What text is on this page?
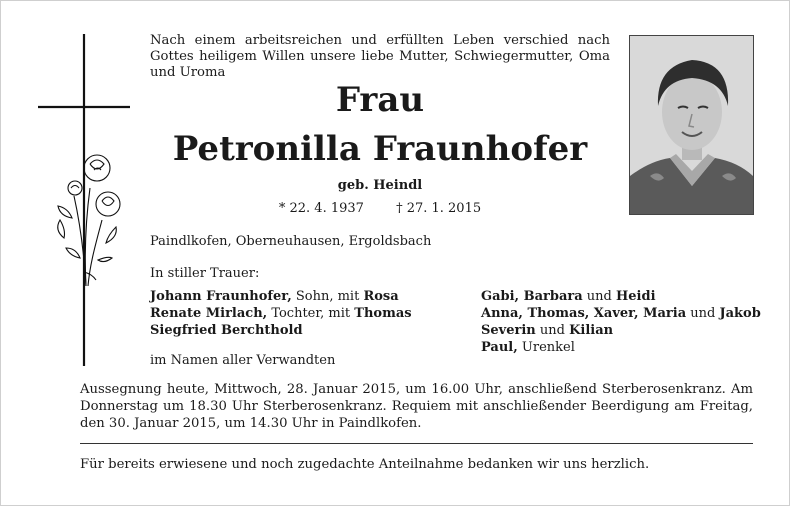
Nach einem arbeitsreichen und erfüllten Leben verschied nach Gottes heiligem Willen unsere liebe Mutter, Schwiegermutter, Oma und Uroma
Frau
Petronilla Fraunhofer
geb. Heindl
* 22. 4. 1937 † 27. 1. 2015
Paindlkofen, Oberneuhausen, Ergoldsbach
In stiller Trauer:
Johann Fraunhofer, Sohn, mit Rosa
Renate Mirlach, Tochter, mit Thomas
Siegfried Berchthold
Gabi, Barbara und Heidi
Anna, Thomas, Xaver, Maria und Jakob
Severin und Kilian
Paul, Urenkel
im Namen aller Verwandten
Aussegnung heute, Mittwoch, 28. Januar 2015, um 16.00 Uhr, anschließend Sterberosenkranz. Am Donnerstag um 18.30 Uhr Sterberosenkranz. Requiem mit anschließender Beerdigung am Freitag, den 30. Januar 2015, um 14.30 Uhr in Paindlkofen.
Für bereits erwiesene und noch zugedachte Anteilnahme bedanken wir uns herzlich.
